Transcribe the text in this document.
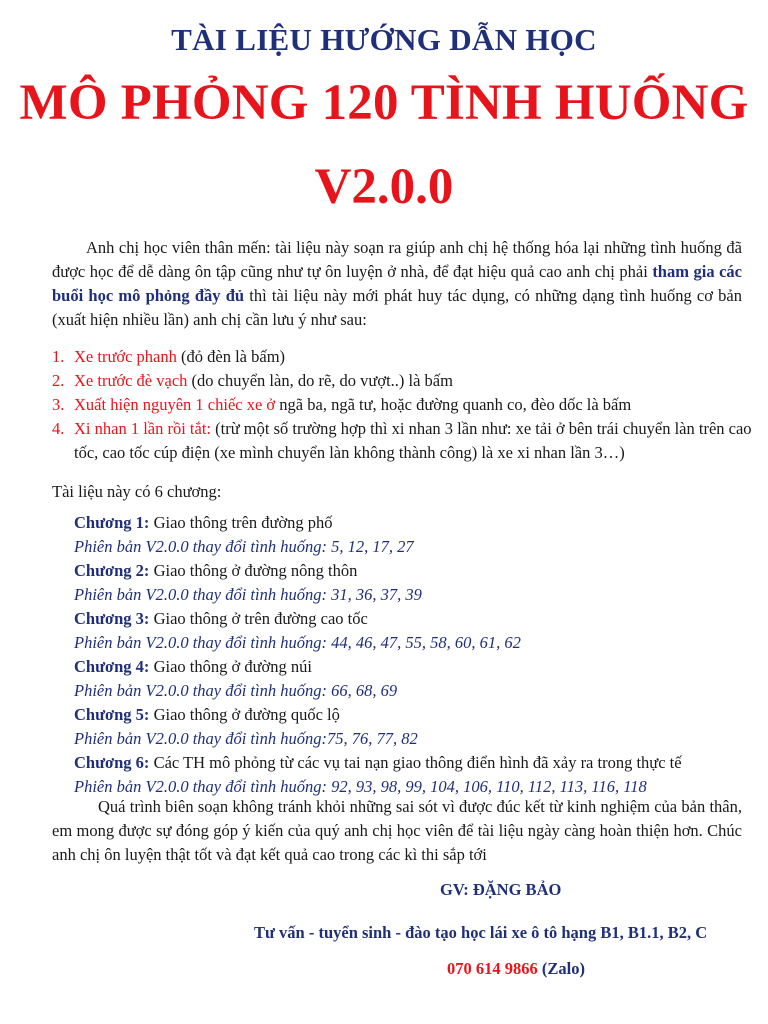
TÀI LIỆU HƯỚNG DẪN HỌC
MÔ PHỎNG 120 TÌNH HUỐNG
V2.0.0

Anh chị học viên thân mến: tài liệu này soạn ra giúp anh chị hệ thống hóa lại những tình huống đã được học để dễ dàng ôn tập cũng như tự ôn luyện ở nhà, để đạt hiệu quả cao anh chị phải tham gia các buổi học mô phỏng đầy đủ thì tài liệu này mới phát huy tác dụng, có những dạng tình huống cơ bản (xuất hiện nhiều lần) anh chị cần lưu ý như sau:

1. Xe trước phanh (đỏ đèn là bấm)
2. Xe trước đè vạch (do chuyển làn, do rẽ, do vượt..) là bấm
3. Xuất hiện nguyên 1 chiếc xe ở ngã ba, ngã tư, hoặc đường quanh co, đèo dốc là bấm
4. Xi nhan 1 lần rồi tắt: (trừ một số trường hợp thì xi nhan 3 lần như: xe tải ở bên trái chuyển làn trên cao tốc, cao tốc cúp điện (xe mình chuyển làn không thành công) là xe xi nhan lần 3…)
Tài liệu này có 6 chương:
Chương 1: Giao thông trên đường phố
Phiên bản V2.0.0 thay đổi tình huống: 5, 12, 17, 27
Chương 2: Giao thông ở đường nông thôn
Phiên bản V2.0.0 thay đổi tình huống: 31, 36, 37, 39
Chương 3: Giao thông ở trên đường cao tốc
Phiên bản V2.0.0 thay đổi tình huống: 44, 46, 47, 55, 58, 60, 61, 62
Chương 4: Giao thông ở đường núi
Phiên bản V2.0.0 thay đổi tình huống: 66, 68, 69
Chương 5: Giao thông ở đường quốc lộ
Phiên bản V2.0.0 thay đổi tình huống:75, 76, 77, 82
Chương 6: Các TH mô phỏng từ các vụ tai nạn giao thông điển hình đã xảy ra trong thực tế
Phiên bản V2.0.0 thay đổi tình huống: 92, 93, 98, 99, 104, 106, 110, 112, 113, 116, 118

Quá trình biên soạn không tránh khỏi những sai sót vì được đúc kết từ kinh nghiệm của bản thân, em mong được sự đóng góp ý kiến của quý anh chị học viên để tài liệu ngày càng hoàn thiện hơn. Chúc anh chị ôn luyện thật tốt và đạt kết quả cao trong các kì thi sắp tới

GV: ĐẶNG BẢO
Tư vấn - tuyển sinh - đào tạo học lái xe ô tô hạng B1, B1.1, B2, C
070 614 9866 (Zalo)
